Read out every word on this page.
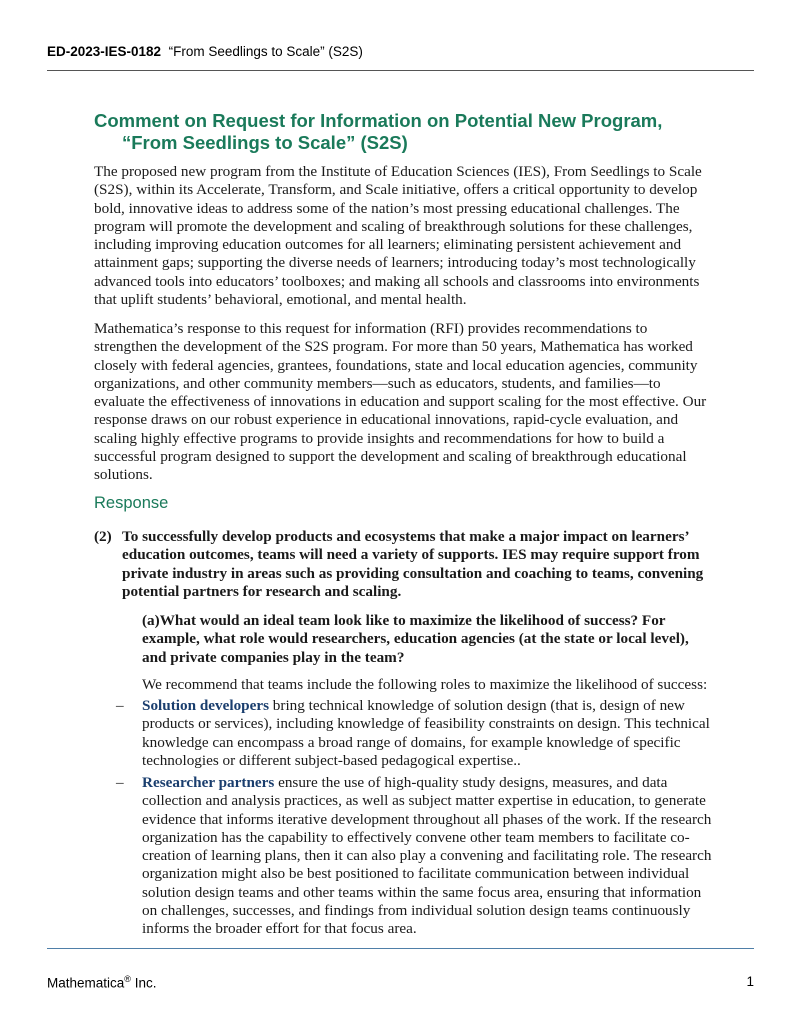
ED-2023-IES-0182 “From Seedlings to Scale” (S2S)
Comment on Request for Information on Potential New Program,
“From Seedlings to Scale” (S2S)

The proposed new program from the Institute of Education Sciences (IES), From Seedlings to Scale (S2S), within its Accelerate, Transform, and Scale initiative, offers a critical opportunity to develop bold, innovative ideas to address some of the nation’s most pressing educational challenges. The program will promote the development and scaling of breakthrough solutions for these challenges, including improving education outcomes for all learners; eliminating persistent achievement and attainment gaps; supporting the diverse needs of learners; introducing today’s most technologically advanced tools into educators’ toolboxes; and making all schools and classrooms into environments that uplift students’ behavioral, emotional, and mental health.

Mathematica’s response to this request for information (RFI) provides recommendations to strengthen the development of the S2S program. For more than 50 years, Mathematica has worked closely with federal agencies, grantees, foundations, state and local education agencies, community organizations, and other community members—such as educators, students, and families—to evaluate the effectiveness of innovations in education and support scaling for the most effective. Our response draws on our robust experience in educational innovations, rapid-cycle evaluation, and scaling highly effective programs to provide insights and recommendations for how to build a successful program designed to support the development and scaling of breakthrough educational solutions.

Response
(2) To successfully develop products and ecosystems that make a major impact on learners’ education outcomes, teams will need a variety of supports. IES may require support from private industry in areas such as providing consultation and coaching to teams, convening potential partners for research and scaling.
(a)What would an ideal team look like to maximize the likelihood of success? For example, what role would researchers, education agencies (at the state or local level), and private companies play in the team?
We recommend that teams include the following roles to maximize the likelihood of success:
– Solution developers bring technical knowledge of solution design (that is, design of new products or services), including knowledge of feasibility constraints on design. This technical knowledge can encompass a broad range of domains, for example knowledge of specific technologies or different subject-based pedagogical expertise..
– Researcher partners ensure the use of high-quality study designs, measures, and data collection and analysis practices, as well as subject matter expertise in education, to generate evidence that informs iterative development throughout all phases of the work. If the research organization has the capability to effectively convene other team members to facilitate co-creation of learning plans, then it can also play a convening and facilitating role. The research organization might also be best positioned to facilitate communication between individual solution design teams and other teams within the same focus area, ensuring that information on challenges, successes, and findings from individual solution design teams continuously informs the broader effort for that focus area.
Mathematica® Inc.	1
